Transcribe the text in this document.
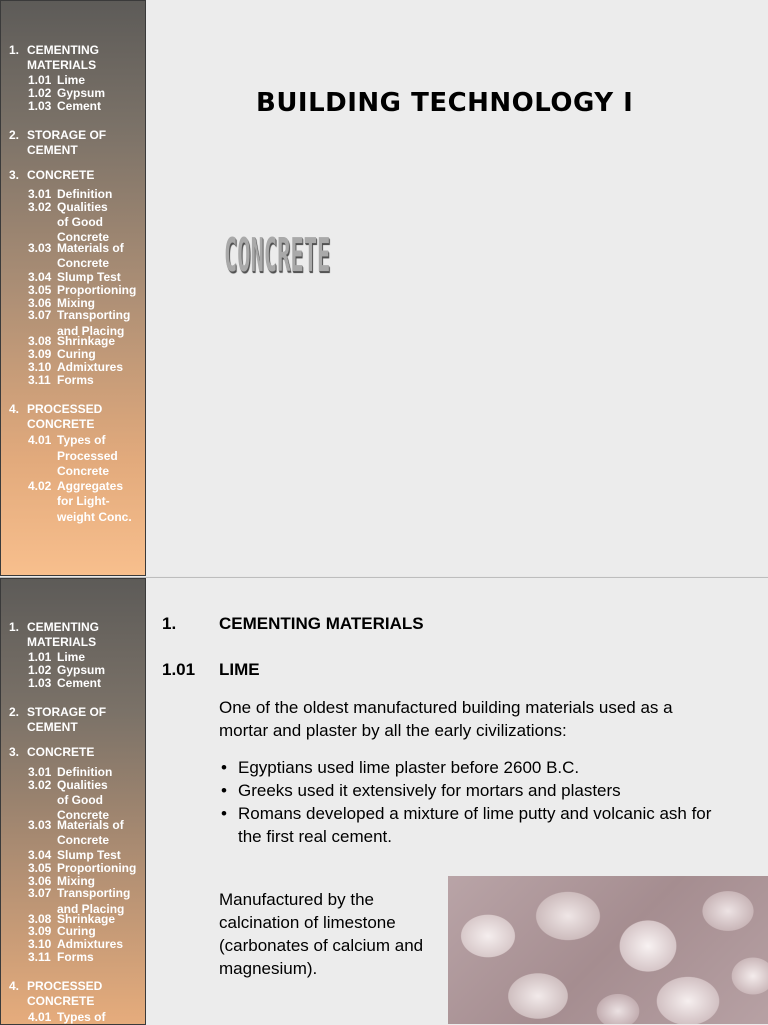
1. CEMENTING
MATERIALS
1.01 Lime
1.02 Gypsum
1.03 Cement
2. STORAGE OF
CEMENT
3. CONCRETE
3.01 Definition
3.02 Qualities
of Good
Concrete
3.03 Materials of
Concrete
3.04 Slump Test
3.05 Proportioning
3.06 Mixing
3.07 Transporting
and Placing
3.08 Shrinkage
3.09 Curing
3.10 Admixtures
3.11 Forms
4. PROCESSED
CONCRETE
4.01 Types of
Processed
Concrete
4.02 Aggregates
for Light-
weight Conc.
BUILDING TECHNOLOGY I
CONCRETE
1. CEMENTING
MATERIALS
1.01 Lime
1.02 Gypsum
1.03 Cement
2. STORAGE OF
CEMENT
3. CONCRETE
3.01 Definition
3.02 Qualities
of Good
Concrete
3.03 Materials of
Concrete
3.04 Slump Test
3.05 Proportioning
3.06 Mixing
3.07 Transporting
and Placing
3.08 Shrinkage
3.09 Curing
3.10 Admixtures
3.11 Forms
4. PROCESSED
CONCRETE
4.01 Types of
1.	CEMENTING MATERIALS
1.01 LIME

One of the oldest manufactured building materials used as a mortar and plaster by all the early civilizations:

• Egyptians used lime plaster before 2600 B.C.
• Greeks used it extensively for mortars and plasters
• Romans developed a mixture of lime putty and volcanic ash for the first real cement.

Manufactured by the calcination of limestone (carbonates of calcium and magnesium).
